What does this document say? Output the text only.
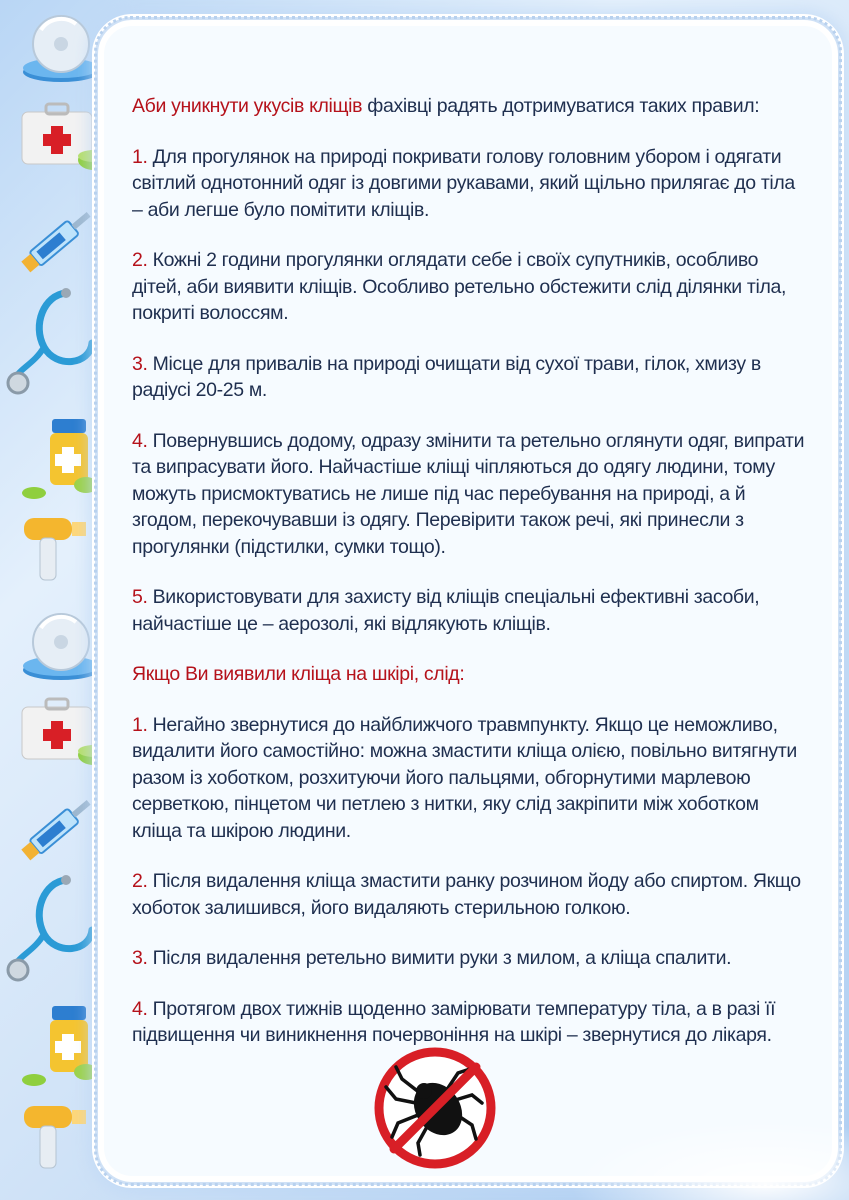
Аби уникнути укусів кліщів фахівці радять дотримуватися таких правил:

1. Для прогулянок на природі покривати голову головним убором і одягати світлий однотонний одяг із довгими рукавами, який щільно прилягає до тіла – аби легше було помітити кліщів.

2. Кожні 2 години прогулянки оглядати себе і своїх супутників, особливо дітей, аби виявити кліщів. Особливо ретельно обстежити слід ділянки тіла, покриті волоссям.

3. Місце для привалів на природі очищати від сухої трави, гілок, хмизу в радіусі 20-25 м.

4. Повернувшись додому, одразу змінити та ретельно оглянути одяг, випрати та випрасувати його. Найчастіше кліщі чіпляються до одягу людини, тому можуть присмоктуватись не лише під час перебування на природі, а й згодом, перекочувавши із одягу. Перевірити також речі, які принесли з прогулянки (підстилки, сумки тощо).

5. Використовувати для захисту від кліщів спеціальні ефективні засоби, найчастіше це – аерозолі, які відлякують кліщів.

Якщо Ви виявили кліща на шкірі, слід:

1. Негайно звернутися до найближчого травмпункту. Якщо це неможливо, видалити його самостійно: можна змастити кліща олією, повільно витягнути разом із хоботком, розхитуючи його пальцями, обгорнутими марлевою серветкою, пінцетом чи петлею з нитки, яку слід закріпити між хоботком кліща та шкірою людини.

2. Після видалення кліща змастити ранку розчином йоду або спиртом. Якщо хоботок залишився, його видаляють стерильною голкою.

3. Після видалення ретельно вимити руки з милом, а кліща спалити.

4. Протягом двох тижнів щоденно замірювати температуру тіла, а в разі її підвищення чи виникнення почервоніння на шкірі – звернутися до лікаря.
